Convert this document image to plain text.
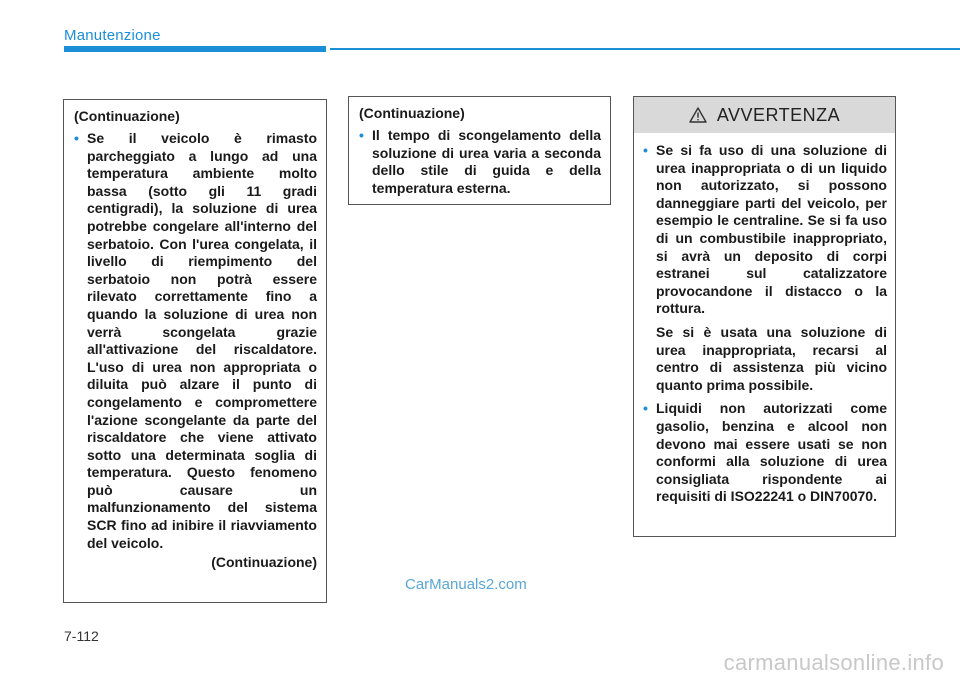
Manutenzione
(Continuazione)
• Se il veicolo è rimasto parcheggiato a lungo ad una temperatura ambiente molto bassa (sotto gli 11 gradi centigradi), la soluzione di urea potrebbe congelare all'interno del serbatoio. Con l'urea congelata, il livello di riempimento del serbatoio non potrà essere rilevato correttamente fino a quando la soluzione di urea non verrà scongelata grazie all'attivazione del riscaldatore. L'uso di urea non appropriata o diluita può alzare il punto di congelamento e compromettere l'azione scongelante da parte del riscaldatore che viene attivato sotto una determinata soglia di temperatura. Questo fenomeno può causare un malfunzionamento del sistema SCR fino ad inibire il riavviamento del veicolo.
(Continuazione)
(Continuazione)
• Il tempo di scongelamento della soluzione di urea varia a seconda dello stile di guida e della temperatura esterna.
AVVERTENZA
• Se si fa uso di una soluzione di urea inappropriata o di un liquido non autorizzato, si possono danneggiare parti del veicolo, per esempio le centraline. Se si fa uso di un combustibile inappropriato, si avrà un deposito di corpi estranei sul catalizzatore provocandone il distacco o la rottura.
Se si è usata una soluzione di urea inappropriata, recarsi al centro di assistenza più vicino quanto prima possibile.
• Liquidi non autorizzati come gasolio, benzina e alcool non devono mai essere usati se non conformi alla soluzione di urea consigliata rispondente ai requisiti di ISO22241 o DIN70070.
CarManuals2.com
7-112
carmanualsonline.info
